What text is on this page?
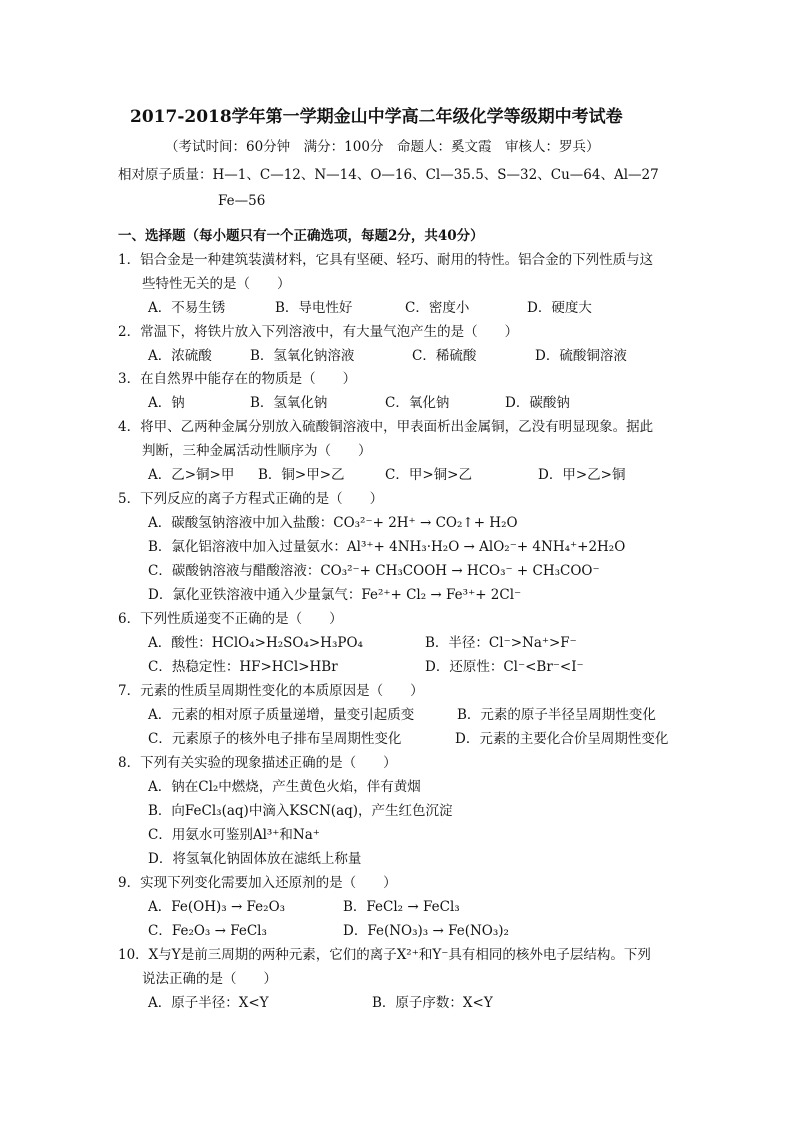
2017-2018学年第一学期金山中学高二年级化学等级期中考试卷
（考试时间：60分钟　满分：100分　命题人：奚文霞　审核人：罗兵）
相对原子质量：H—1、C—12、N—14、O—16、Cl—35.5、S—32、Cu—64、Al—27
Fe—56
一、选择题（每小题只有一个正确选项，每题2分，共40分）
1．铝合金是一种建筑装潢材料，它具有坚硬、轻巧、耐用的特性。铝合金的下列性质与这
些特性无关的是（　　）
A．不易生锈	B．导电性好	C．密度小	D．硬度大
2．常温下，将铁片放入下列溶液中，有大量气泡产生的是（　　）
A．浓硫酸	B．氢氧化钠溶液	C．稀硫酸	D．硫酸铜溶液
3．在自然界中能存在的物质是（　　）
A．钠	B．氢氧化钠	C．氧化钠	D．碳酸钠
4．将甲、乙两种金属分别放入硫酸铜溶液中，甲表面析出金属铜，乙没有明显现象。据此
判断，三种金属活动性顺序为（　　）
A．乙>铜>甲 B．铜>甲>乙	C．甲>铜>乙	D．甲>乙>铜
5．下列反应的离子方程式正确的是（　　）
A．碳酸氢钠溶液中加入盐酸：CO₃²⁻+ 2H⁺ → CO₂↑+ H₂O
B．氯化铝溶液中加入过量氨水：Al³⁺+ 4NH₃·H₂O → AlO₂⁻+ 4NH₄⁺+2H₂O
C．碳酸钠溶液与醋酸溶液：CO₃²⁻+ CH₃COOH → HCO₃⁻ + CH₃COO⁻
D．氯化亚铁溶液中通入少量氯气：Fe²⁺+ Cl₂ → Fe³⁺+ 2Cl⁻
6．下列性质递变不正确的是（　　）
A．酸性：HClO₄>H₂SO₄>H₃PO₄	B．半径：Cl⁻>Na⁺>F⁻
C．热稳定性：HF>HCl>HBr	D．还原性：Cl⁻<Br⁻<I⁻
7．元素的性质呈周期性变化的本质原因是（　　）
A．元素的相对原子质量递增，量变引起质变	B．元素的原子半径呈周期性变化
C．元素原子的核外电子排布呈周期性变化	D．元素的主要化合价呈周期性变化
8．下列有关实验的现象描述正确的是（　　）
A．钠在Cl₂中燃烧，产生黄色火焰，伴有黄烟
B．向FeCl₃(aq)中滴入KSCN(aq)，产生红色沉淀
C．用氨水可鉴别Al³⁺和Na⁺
D．将氢氧化钠固体放在滤纸上称量
9．实现下列变化需要加入还原剂的是（　　）
A．Fe(OH)₃ → Fe₂O₃	B．FeCl₂ → FeCl₃
C．Fe₂O₃ → FeCl₃	D．Fe(NO₃)₃ → Fe(NO₃)₂
10．X与Y是前三周期的两种元素，它们的离子X²⁺和Y⁻具有相同的核外电子层结构。下列
说法正确的是（　　）
A．原子半径：X<Y	B．原子序数：X<Y
